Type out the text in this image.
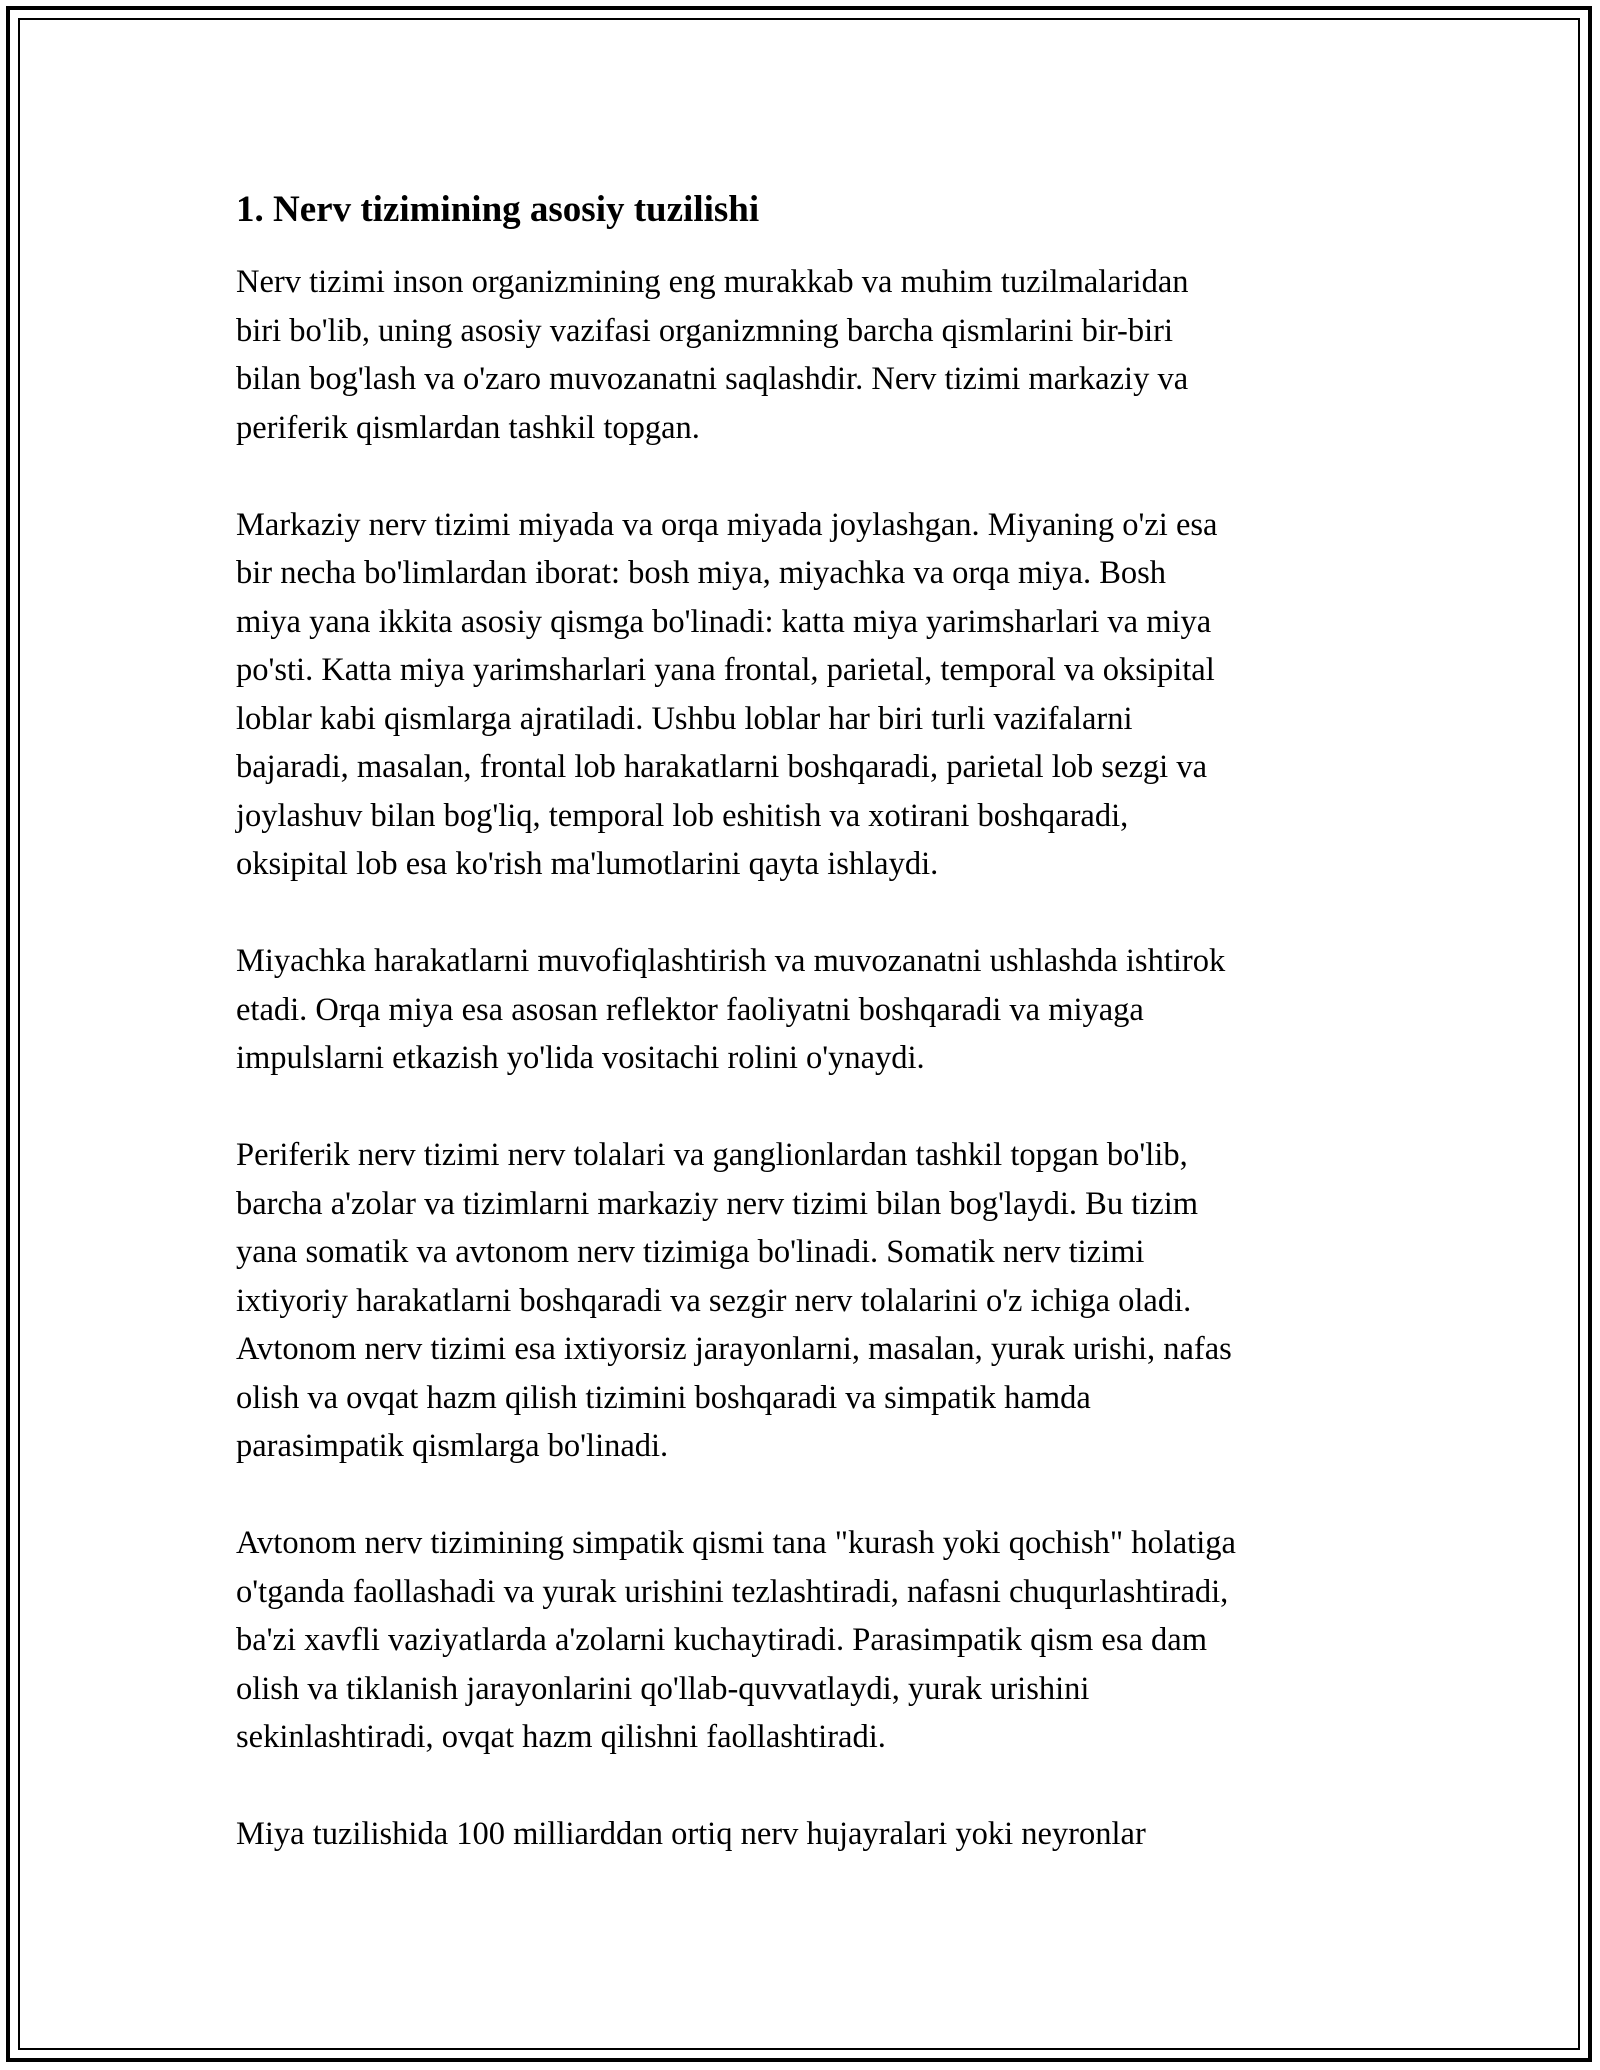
1. Nerv tizimining asosiy tuzilishi

Nerv tizimi inson organizmining eng murakkab va muhim tuzilmalaridan
biri bo'lib, uning asosiy vazifasi organizmning barcha qismlarini bir-biri
bilan bog'lash va o'zaro muvozanatni saqlashdir. Nerv tizimi markaziy va
periferik qismlardan tashkil topgan.

Markaziy nerv tizimi miyada va orqa miyada joylashgan. Miyaning o'zi esa
bir necha bo'limlardan iborat: bosh miya, miyachka va orqa miya. Bosh
miya yana ikkita asosiy qismga bo'linadi: katta miya yarimsharlari va miya
po'sti. Katta miya yarimsharlari yana frontal, parietal, temporal va oksipital
loblar kabi qismlarga ajratiladi. Ushbu loblar har biri turli vazifalarni
bajaradi, masalan, frontal lob harakatlarni boshqaradi, parietal lob sezgi va
joylashuv bilan bog'liq, temporal lob eshitish va xotirani boshqaradi,
oksipital lob esa ko'rish ma'lumotlarini qayta ishlaydi.

Miyachka harakatlarni muvofiqlashtirish va muvozanatni ushlashda ishtirok
etadi. Orqa miya esa asosan reflektor faoliyatni boshqaradi va miyaga
impulslarni etkazish yo'lida vositachi rolini o'ynaydi.

Periferik nerv tizimi nerv tolalari va ganglionlardan tashkil topgan bo'lib,
barcha a'zolar va tizimlarni markaziy nerv tizimi bilan bog'laydi. Bu tizim
yana somatik va avtonom nerv tizimiga bo'linadi. Somatik nerv tizimi
ixtiyoriy harakatlarni boshqaradi va sezgir nerv tolalarini o'z ichiga oladi.
Avtonom nerv tizimi esa ixtiyorsiz jarayonlarni, masalan, yurak urishi, nafas
olish va ovqat hazm qilish tizimini boshqaradi va simpatik hamda
parasimpatik qismlarga bo'linadi.

Avtonom nerv tizimining simpatik qismi tana "kurash yoki qochish" holatiga
o'tganda faollashadi va yurak urishini tezlashtiradi, nafasni chuqurlashtiradi,
ba'zi xavfli vaziyatlarda a'zolarni kuchaytiradi. Parasimpatik qism esa dam
olish va tiklanish jarayonlarini qo'llab-quvvatlaydi, yurak urishini
sekinlashtiradi, ovqat hazm qilishni faollashtiradi.

Miya tuzilishida 100 milliarddan ortiq nerv hujayralari yoki neyronlar
